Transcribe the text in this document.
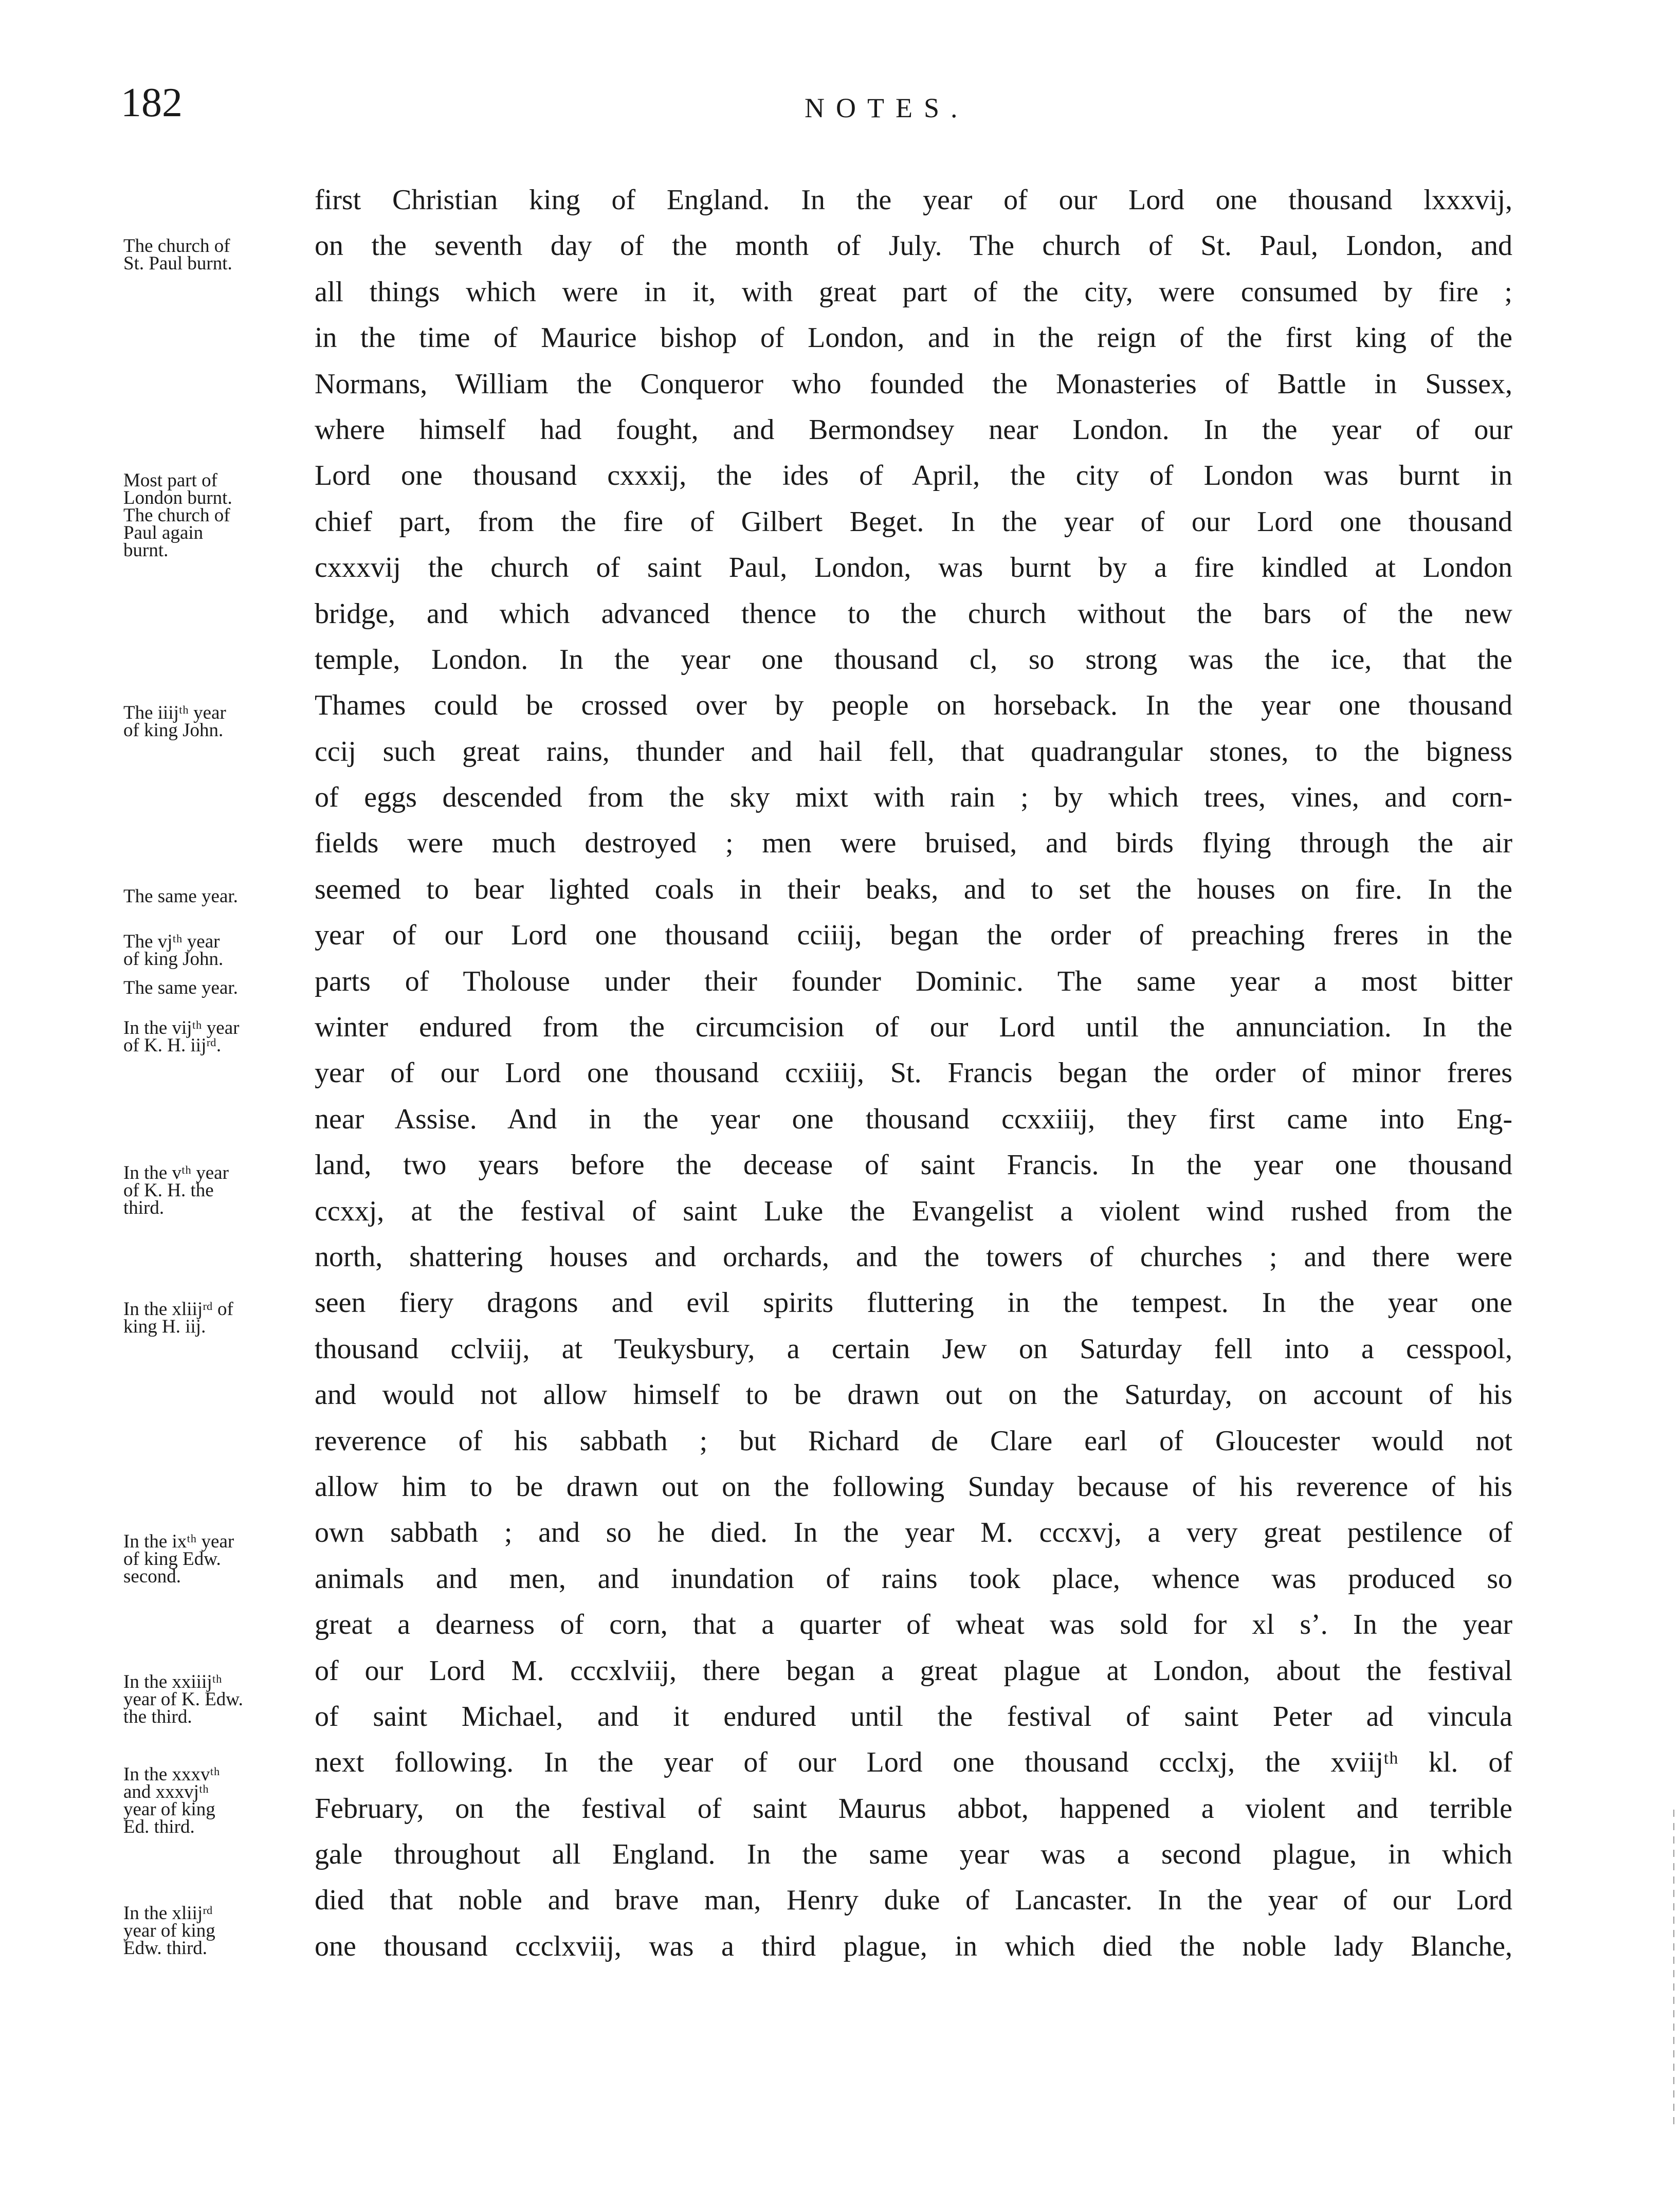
182	NOTES.
The church of
St. Paul burnt.
Most part of
London burnt.
The church of
Paul again
burnt.
The iiijᵗʰ year
of king John.
The same year.
The vjᵗʰ year
of king John.
The same year.
In the vijᵗʰ year
of K. H. iijʳᵈ.
In the vᵗʰ year
of K. H. the
third.
In the xliijʳᵈ of
king H. iij.
In the ixᵗʰ year
of king Edw.
second.
In the xxiiijᵗʰ
year of K. Edw.
the third.
In the xxxvᵗʰ
and xxxvjᵗʰ
year of king
Ed. third.
In the xliijʳᵈ
year of king
Edw. third.
first Christian king of England. In the year of our Lord one thousand lxxxvij,
on the seventh day of the month of July. The church of St. Paul, London, and
all things which were in it, with great part of the city, were consumed by fire ;
in the time of Maurice bishop of London, and in the reign of the first king of the
Normans, William the Conqueror who founded the Monasteries of Battle in Sussex,
where himself had fought, and Bermondsey near London. In the year of our
Lord one thousand cxxxij, the ides of April, the city of London was burnt in
chief part, from the fire of Gilbert Beget. In the year of our Lord one thousand
cxxxvij the church of saint Paul, London, was burnt by a fire kindled at London
bridge, and which advanced thence to the church without the bars of the new
temple, London. In the year one thousand cl, so strong was the ice, that the
Thames could be crossed over by people on horseback. In the year one thousand
ccij such great rains, thunder and hail fell, that quadrangular stones, to the bigness
of eggs descended from the sky mixt with rain ; by which trees, vines, and corn-
fields were much destroyed ; men were bruised, and birds flying through the air
seemed to bear lighted coals in their beaks, and to set the houses on fire. In the
year of our Lord one thousand cciiij, began the order of preaching freres in the
parts of Tholouse under their founder Dominic. The same year a most bitter
winter endured from the circumcision of our Lord until the annunciation. In the
year of our Lord one thousand ccxiiij, St. Francis began the order of minor freres
near Assise. And in the year one thousand ccxxiiij, they first came into Eng-
land, two years before the decease of saint Francis. In the year one thousand
ccxxj, at the festival of saint Luke the Evangelist a violent wind rushed from the
north, shattering houses and orchards, and the towers of churches ; and there were
seen fiery dragons and evil spirits fluttering in the tempest. In the year one
thousand cclviij, at Teukysbury, a certain Jew on Saturday fell into a cesspool,
and would not allow himself to be drawn out on the Saturday, on account of his
reverence of his sabbath ; but Richard de Clare earl of Gloucester would not
allow him to be drawn out on the following Sunday because of his reverence of his
own sabbath ; and so he died. In the year M. cccxvj, a very great pestilence of
animals and men, and inundation of rains took place, whence was produced so
great a dearness of corn, that a quarter of wheat was sold for xl s’. In the year
of our Lord M. cccxlviij, there began a great plague at London, about the festival
of saint Michael, and it endured until the festival of saint Peter ad vincula
next following. In the year of our Lord one thousand ccclxj, the xviijᵗʰ kl. of
February, on the festival of saint Maurus abbot, happened a violent and terrible
gale throughout all England. In the same year was a second plague, in which
died that noble and brave man, Henry duke of Lancaster. In the year of our Lord
one thousand ccclxviij, was a third plague, in which died the noble lady Blanche,
